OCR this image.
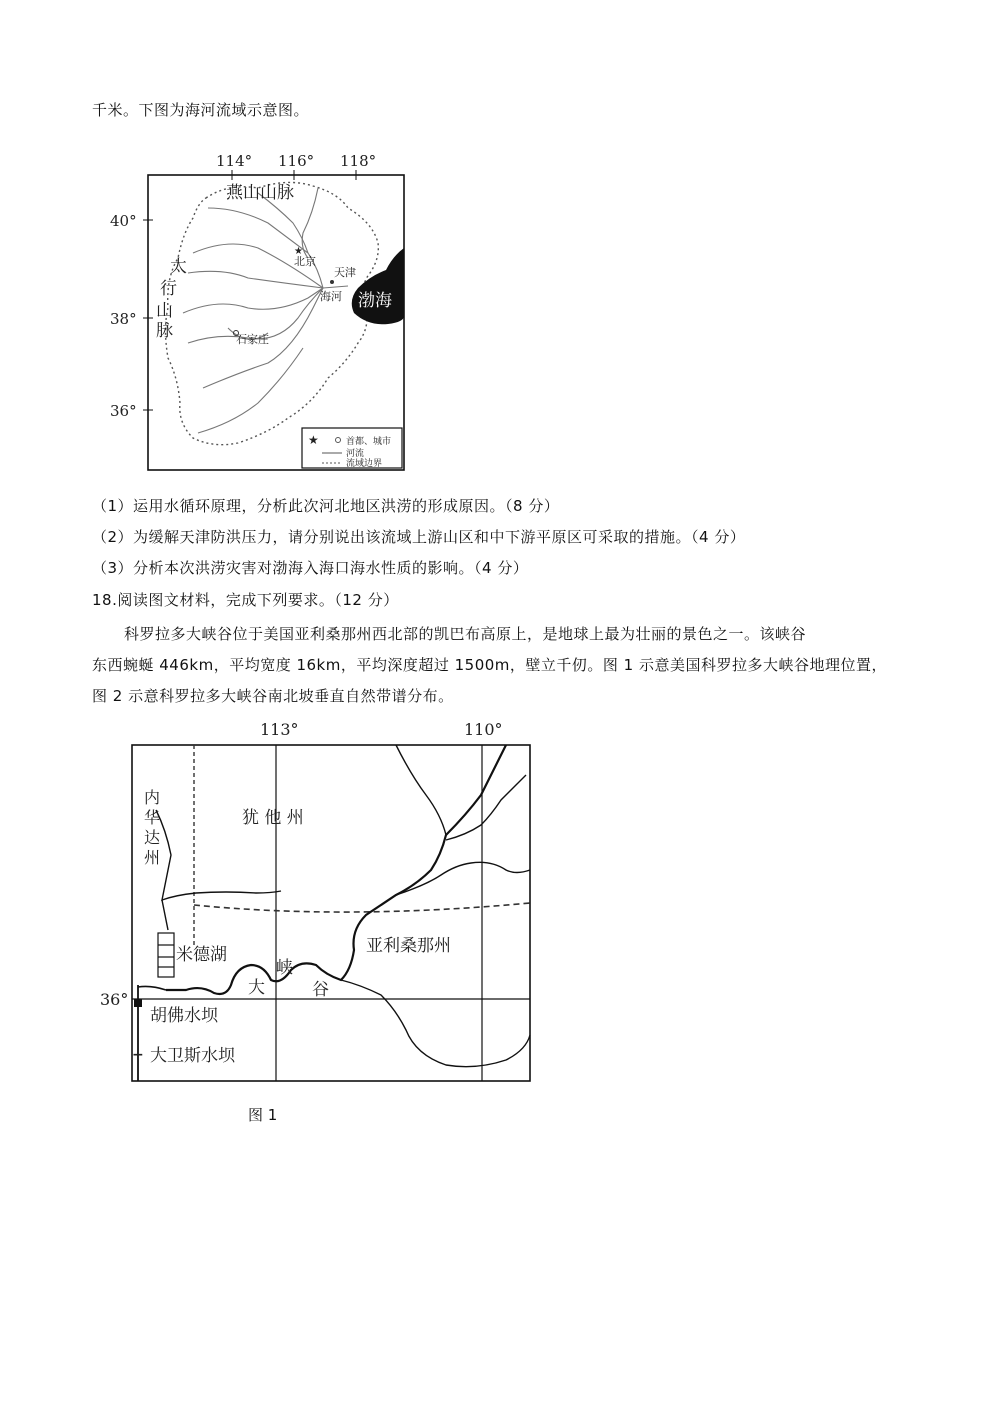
千米。下图为海河流域示意图。
114° 116° 118°
40°
38°
36°
渤海
燕山山脉
太
行
山
脉
★
北京
天津
海河
石家庄
★	首都、城市
河流
流域边界
（1）运用水循环原理，分析此次河北地区洪涝的形成原因。（8 分）
（2）为缓解天津防洪压力，请分别说出该流域上游山区和中下游平原区可采取的措施。（4 分）
（3）分析本次洪涝灾害对渤海入海口海水性质的影响。（4 分）
18.阅读图文材料，完成下列要求。（12 分）
科罗拉多大峡谷位于美国亚利桑那州西北部的凯巴布高原上，是地球上最为壮丽的景色之一。该峡谷
东西蜿蜒 446km，平均宽度 16km，平均深度超过 1500m，壁立千仞。图 1 示意美国科罗拉多大峡谷地理位置，
图 2 示意科罗拉多大峡谷南北坡垂直自然带谱分布。
113°	110°
36°
+
内
华
达
州
犹 他 州
亚利桑那州
米德湖
大
峡
谷
胡佛水坝
大卫斯水坝
图 1
